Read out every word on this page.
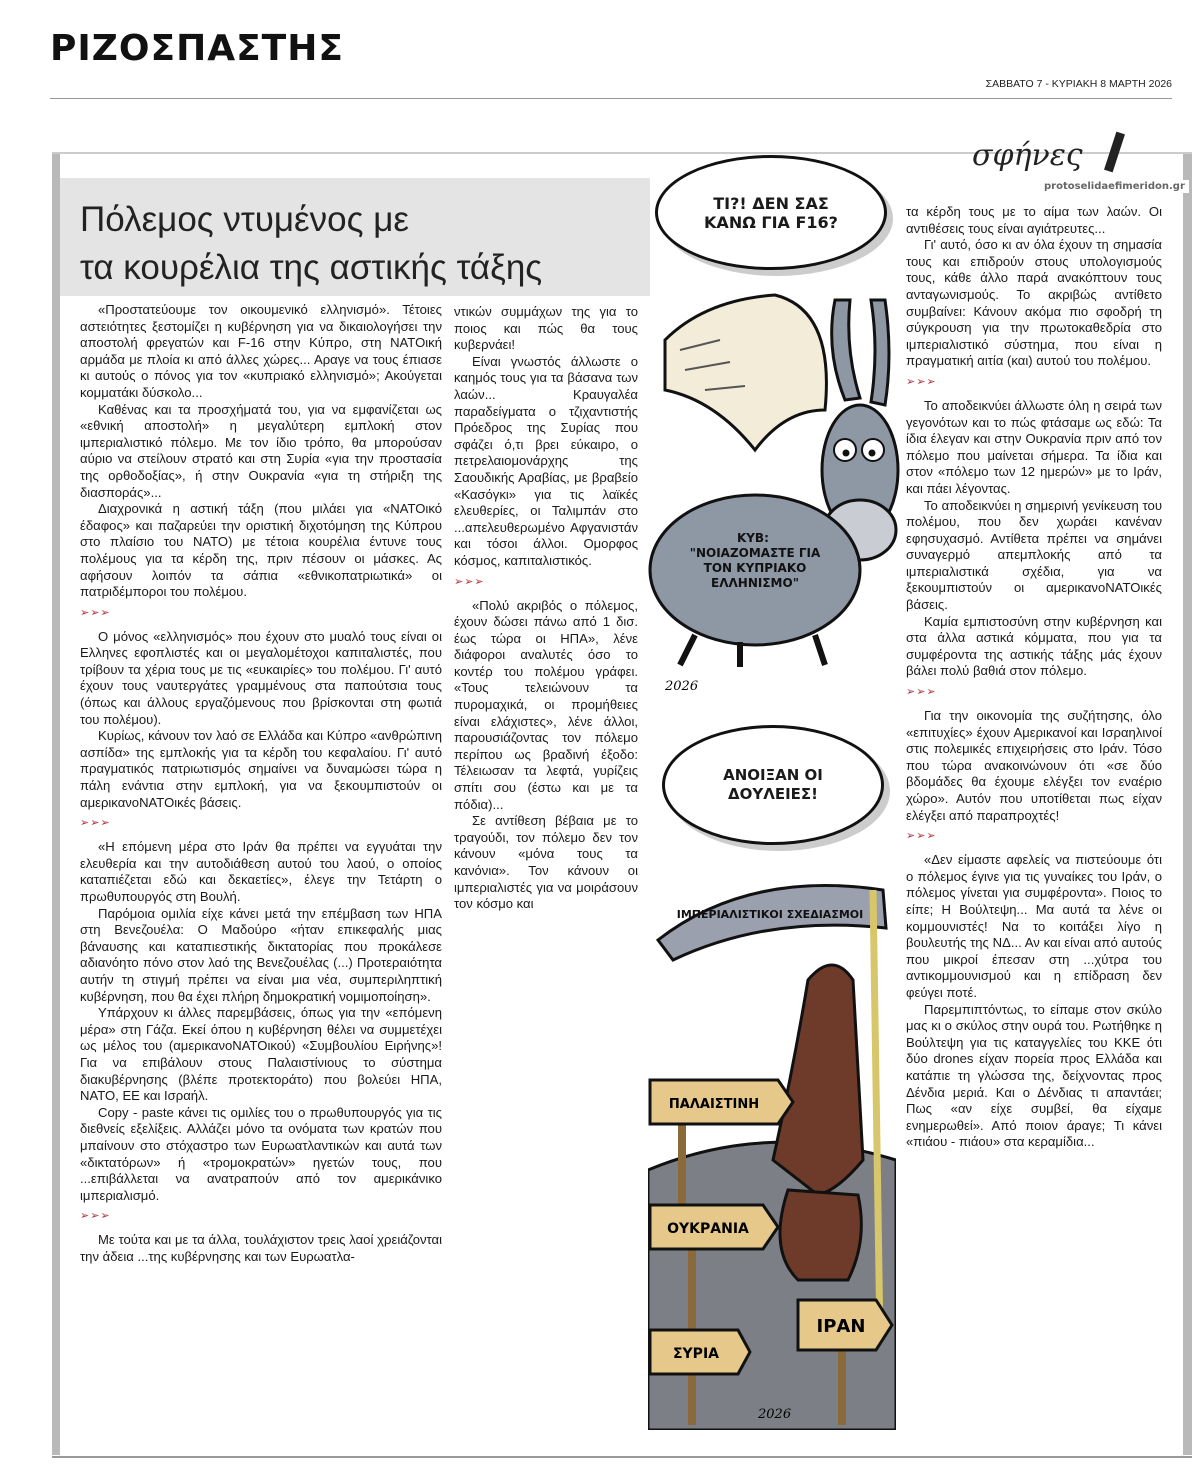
ΡΙΖΟΣΠΑΣΤΗΣ
ΣΑΒΒΑΤΟ 7 - ΚΥΡΙΑΚΗ 8 ΜΑΡΤΗ 2026
σφήνες
Πόλεμος ντυμένος με
τα κουρέλια της αστικής τάξης

«Προστατεύουμε τον οικουμενικό ελληνισμό». Τέτοιες αστειότητες ξεστομίζει η κυβέρνηση για να δικαιολογήσει την αποστολή φρεγατών και F-16 στην Κύπρο, στη ΝΑΤΟική αρμάδα με πλοία κι από άλλες χώρες... Αραγε να τους έπιασε κι αυτούς ο πόνος για τον «κυπριακό ελληνισμό»; Ακούγεται κομματάκι δύσκολο...

Καθένας και τα προσχήματά του, για να εμφανίζεται ως «εθνική αποστολή» η μεγαλύτερη εμπλοκή στον ιμπεριαλιστικό πόλεμο. Με τον ίδιο τρόπο, θα μπορούσαν αύριο να στείλουν στρατό και στη Συρία «για την προστασία της ορθοδοξίας», ή στην Ουκρανία «για τη στήριξη της διασποράς»...

Διαχρονικά η αστική τάξη (που μιλάει για «ΝΑΤΟικό έδαφος» και παζαρεύει την οριστική διχοτόμηση της Κύπρου στο πλαίσιο του ΝΑΤΟ) με τέτοια κουρέλια έντυνε τους πολέμους για τα κέρδη της, πριν πέσουν οι μάσκες. Ας αφήσουν λοιπόν τα σάπια «εθνικοπατριωτικά» οι πατριδέμποροι του πολέμου.

➢➢➢

Ο μόνος «ελληνισμός» που έχουν στο μυαλό τους είναι οι Ελληνες εφοπλιστές και οι μεγαλομέτοχοι καπιταλιστές, που τρίβουν τα χέρια τους με τις «ευκαιρίες» του πολέμου. Γι' αυτό έχουν τους ναυτεργάτες γραμμένους στα παπούτσια τους (όπως και άλλους εργαζόμενους που βρίσκονται στη φωτιά του πολέμου).

Κυρίως, κάνουν τον λαό σε Ελλάδα και Κύπρο «ανθρώπινη ασπίδα» της εμπλοκής για τα κέρδη του κεφαλαίου. Γι' αυτό πραγματικός πατριωτισμός σημαίνει να δυναμώσει τώρα η πάλη ενάντια στην εμπλοκή, για να ξεκουμπιστούν οι αμερικανοΝΑΤΟικές βάσεις.

➢➢➢

«Η επόμενη μέρα στο Ιράν θα πρέπει να εγγυάται την ελευθερία και την αυτοδιάθεση αυτού του λαού, ο οποίος καταπιέζεται εδώ και δεκαετίες», έλεγε την Τετάρτη ο πρωθυπουργός στη Βουλή.

Παρόμοια ομιλία είχε κάνει μετά την επέμβαση των ΗΠΑ στη Βενεζουέλα: Ο Μαδούρο «ήταν επικεφαλής μιας βάναυσης και καταπιεστικής δικτατορίας που προκάλεσε αδιανόητο πόνο στον λαό της Βενεζουέλας (...) Προτεραιότητα αυτήν τη στιγμή πρέπει να είναι μια νέα, συμπεριληπτική κυβέρνηση, που θα έχει πλήρη δημοκρατική νομιμοποίηση».

Υπάρχουν κι άλλες παρεμβάσεις, όπως για την «επόμενη μέρα» στη Γάζα. Εκεί όπου η κυβέρνηση θέλει να συμμετέχει ως μέλος του (αμερικανοΝΑΤΟικού) «Συμβουλίου Ειρήνης»! Για να επιβάλουν στους Παλαιστίνιους το σύστημα διακυβέρνησης (βλέπε προτεκτοράτο) που βολεύει ΗΠΑ, ΝΑΤΟ, ΕΕ και Ισραήλ.

Copy - paste κάνει τις ομιλίες του ο πρωθυπουργός για τις διεθνείς εξελίξεις. Αλλάζει μόνο τα ονόματα των κρατών που μπαίνουν στο στόχαστρο των Ευρωατλαντικών και αυτά των «δικτατόρων» ή «τρομοκρατών» ηγετών τους, που ...επιβάλλεται να ανατραπούν από τον αμερικάνικο ιμπεριαλισμό.

➢➢➢

Με τούτα και με τα άλλα, τουλάχιστον τρεις λαοί χρειάζονται την άδεια ...της κυβέρνησης και των Ευρωατλα-

ντικών συμμάχων της για το ποιος και πώς θα τους κυβερνάει!

Είναι γνωστός άλλωστε ο καημός τους για τα βάσανα των λαών... Κραυγαλέα παραδείγματα ο τζιχαντιστής Πρόεδρος της Συρίας που σφάζει ό,τι βρει εύκαιρο, ο πετρελαιομονάρχης της Σαουδικής Αραβίας, με βραβείο «Κασόγκι» για τις λαϊκές ελευθερίες, οι Ταλιμπάν στο ...απελευθερωμένο Αφγανιστάν και τόσοι άλλοι. Ομορφος κόσμος, καπιταλιστικός.

➢➢➢

«Πολύ ακριβός ο πόλεμος, έχουν δώσει πάνω από 1 δισ. έως τώρα οι ΗΠΑ», λένε διάφοροι αναλυτές όσο το κοντέρ του πολέμου γράφει. «Τους τελειώνουν τα πυρομαχικά, οι προμήθειες είναι ελάχιστες», λένε άλλοι, παρουσιάζοντας τον πόλεμο περίπου ως βραδινή έξοδο: Τέλειωσαν τα λεφτά, γυρίζεις σπίτι σου (έστω και με τα πόδια)...

Σε αντίθεση βέβαια με το τραγούδι, τον πόλεμο δεν τον κάνουν «μόνα τους τα κανόνια». Τον κάνουν οι ιμπεριαλιστές για να μοιράσουν τον κόσμο και

τα κέρδη τους με το αίμα των λαών. Οι αντιθέσεις τους είναι αγιάτρευτες...

Γι' αυτό, όσο κι αν όλα έχουν τη σημασία τους και επιδρούν στους υπολογισμούς τους, κάθε άλλο παρά ανακόπτουν τους ανταγωνισμούς. Το ακριβώς αντίθετο συμβαίνει: Κάνουν ακόμα πιο σφοδρή τη σύγκρουση για την πρωτοκαθεδρία στο ιμπεριαλιστικό σύστημα, που είναι η πραγματική αιτία (και) αυτού του πολέμου.

➢➢➢

Το αποδεικνύει άλλωστε όλη η σειρά των γεγονότων και το πώς φτάσαμε ως εδώ: Τα ίδια έλεγαν και στην Ουκρανία πριν από τον πόλεμο που μαίνεται σήμερα. Τα ίδια και στον «πόλεμο των 12 ημερών» με το Ιράν, και πάει λέγοντας.

Το αποδεικνύει η σημερινή γενίκευση του πολέμου, που δεν χωράει κανέναν εφησυχασμό. Αντίθετα πρέπει να σημάνει συναγερμό απεμπλοκής από τα ιμπεριαλιστικά σχέδια, για να ξεκουμπιστούν οι αμερικανοΝΑΤΟικές βάσεις.

Καμία εμπιστοσύνη στην κυβέρνηση και στα άλλα αστικά κόμματα, που για τα συμφέροντα της αστικής τάξης μάς έχουν βάλει πολύ βαθιά στον πόλεμο.

➢➢➢

Για την οικονομία της συζήτησης, όλο «επιτυχίες» έχουν Αμερικανοί και Ισραηλινοί στις πολεμικές επιχειρήσεις στο Ιράν. Τόσο που τώρα ανακοινώνουν ότι «σε δύο βδομάδες θα έχουμε ελέγξει τον εναέριο χώρο». Αυτόν που υποτίθεται πως είχαν ελέγξει από παραπροχτές!

➢➢➢

«Δεν είμαστε αφελείς να πιστεύουμε ότι ο πόλεμος έγινε για τις γυναίκες του Ιράν, ο πόλεμος γίνεται για συμφέροντα». Ποιος το είπε; Η Βούλτεψη... Μα αυτά τα λένε οι κομμουνιστές! Να το κοιτάξει λίγο η βουλευτής της ΝΔ... Αν και είναι από αυτούς που μικροί έπεσαν στη ...χύτρα του αντικομμουνισμού και η επίδραση δεν φεύγει ποτέ.

Παρεμπιπτόντως, το είπαμε στον σκύλο μας κι ο σκύλος στην ουρά του. Ρωτήθηκε η Βούλτεψη για τις καταγγελίες του ΚΚΕ ότι δύο drones είχαν πορεία προς Ελλάδα και κατάπιε τη γλώσσα της, δείχνοντας προς Δένδια μεριά. Και ο Δένδιας τι απαντάει; Πως «αν είχε συμβεί, θα είχαμε ενημερωθεί». Από ποιον άραγε; Τι κάνει «πιάου - πιάου» στα κεραμίδια...

protoselidaefimeridon.gr
ΚΥΒ: "ΝΟΙΑΖΟΜΑΣΤΕ ΓΙΑ ΤΟΝ ΚΥΠΡΙΑΚΟ ΕΛΛΗΝΙΣΜΟ"
2026
ΤΙ?! ΔΕΝ ΣΑΣ ΚΑΝΩ ΓΙΑ F16?
ΑΝΟΙΞΑΝ ΟΙ ΔΟΥΛΕΙΕΣ!
ΙΜΠΕΡΙΑΛΙΣΤΙΚΟΙ ΣΧΕΔΙΑΣΜΟΙ
ΠΑΛΑΙΣΤΙΝΗ
ΟΥΚΡΑΝΙΑ
ΣΥΡΙΑ
ΙΡΑΝ
2026
